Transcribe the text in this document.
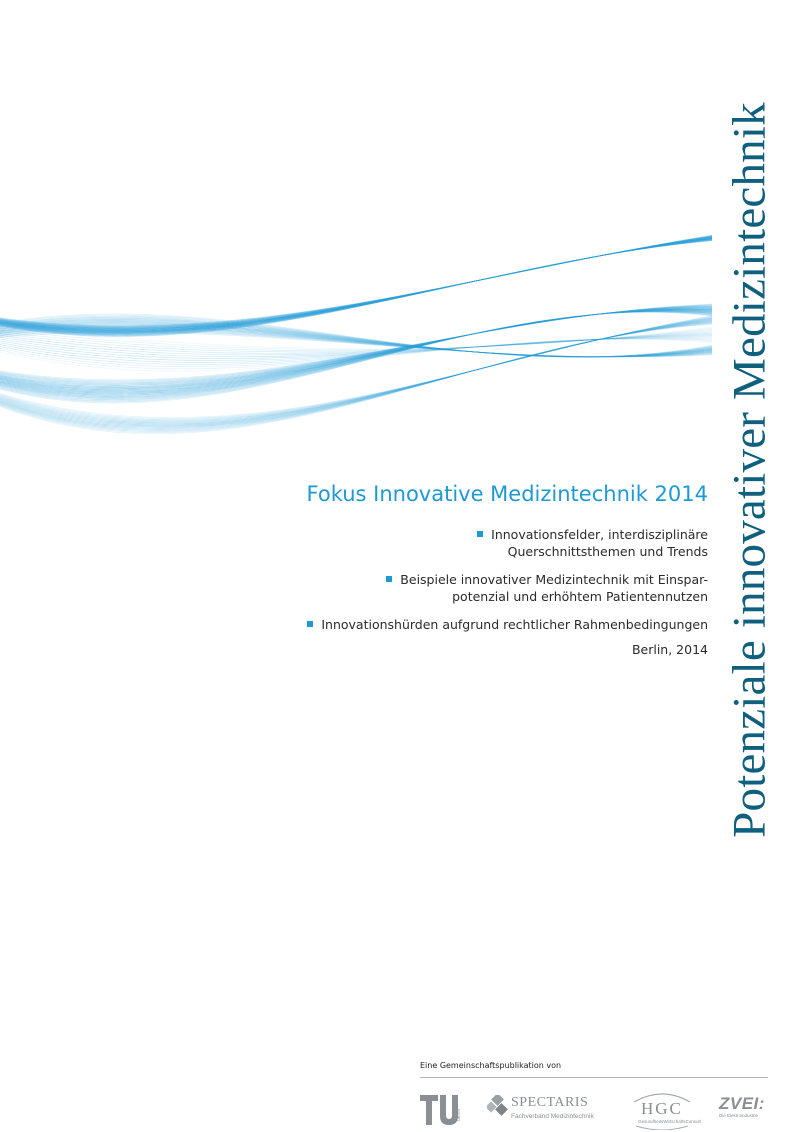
Potenziale innovativer Medizintechnik
Fokus Innovative Medizintechnik 2014
Innovationsfelder, interdisziplinäre
Querschnittsthemen und Trends
Beispiele innovativer Medizintechnik mit Einspar-
potenzial und erhöhtem Patientennutzen
Innovationshürden aufgrund rechtlicher Rahmenbedingungen
Berlin, 2014
Eine Gemeinschaftspublikation von
berlin
SPECTARIS
Fachverband Medizintechnik	HGC
GesundheitsWirtschaftsConsult
ZVEI:
Die Elektroindustrie
